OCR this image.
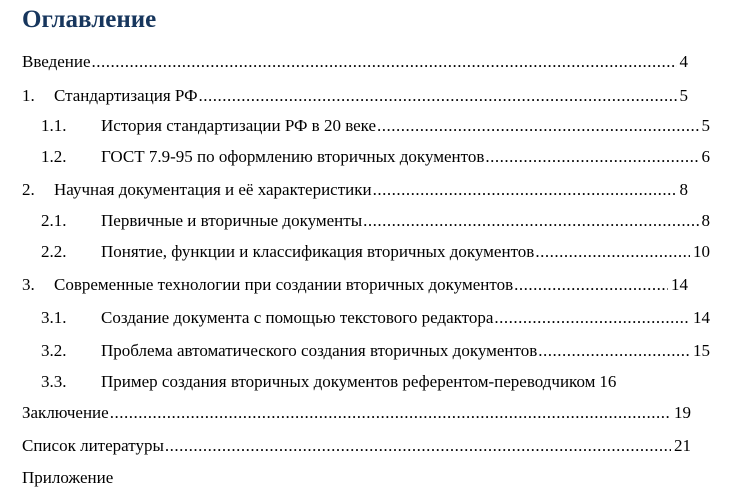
Оглавление
Введение .....	4
1.	Стандартизация РФ .....	5
1.1.	История стандартизации РФ в 20 веке .....	5
1.2.	ГОСТ 7.9-95 по оформлению вторичных документов .....	6
2.	Научная документация и её характеристики .....	8
2.1.	Первичные и вторичные документы .....	8
2.2.	Понятие, функции и классификация вторичных документов .....	10
3.	Современные технологии при создании вторичных документов .....	14
3.1.	Создание документа с помощью текстового редактора .....	14
3.2.	Проблема автоматического создания вторичных документов .....	15
3.3.	Пример создания вторичных документов референтом-переводчиком 16
Заключение .....	19
Список литературы .....	21
Приложение
